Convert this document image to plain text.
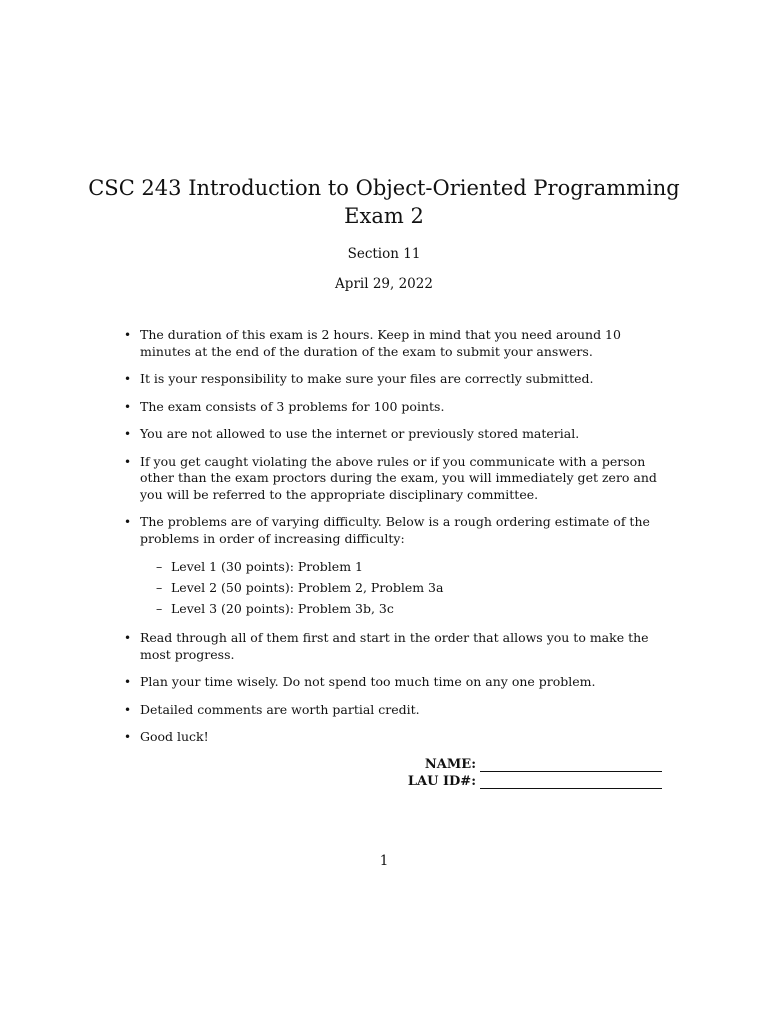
CSC 243 Introduction to Object-Oriented Programming
Exam 2
Section 11
April 29, 2022
• The duration of this exam is 2 hours. Keep in mind that you need around 10 minutes at the end of the duration of the exam to submit your answers.
• It is your responsibility to make sure your files are correctly submitted.
• The exam consists of 3 problems for 100 points.
• You are not allowed to use the internet or previously stored material.
• If you get caught violating the above rules or if you communicate with a person other than the exam proctors during the exam, you will immediately get zero and you will be referred to the appropriate disciplinary committee.
• The problems are of varying difficulty. Below is a rough ordering estimate of the problems in order of increasing difficulty:
– Level 1 (30 points): Problem 1
– Level 2 (50 points): Problem 2, Problem 3a
– Level 3 (20 points): Problem 3b, 3c
• Read through all of them first and start in the order that allows you to make the most progress.
• Plan your time wisely. Do not spend too much time on any one problem.
• Detailed comments are worth partial credit.
• Good luck!
NAME:
LAU ID#:
1
